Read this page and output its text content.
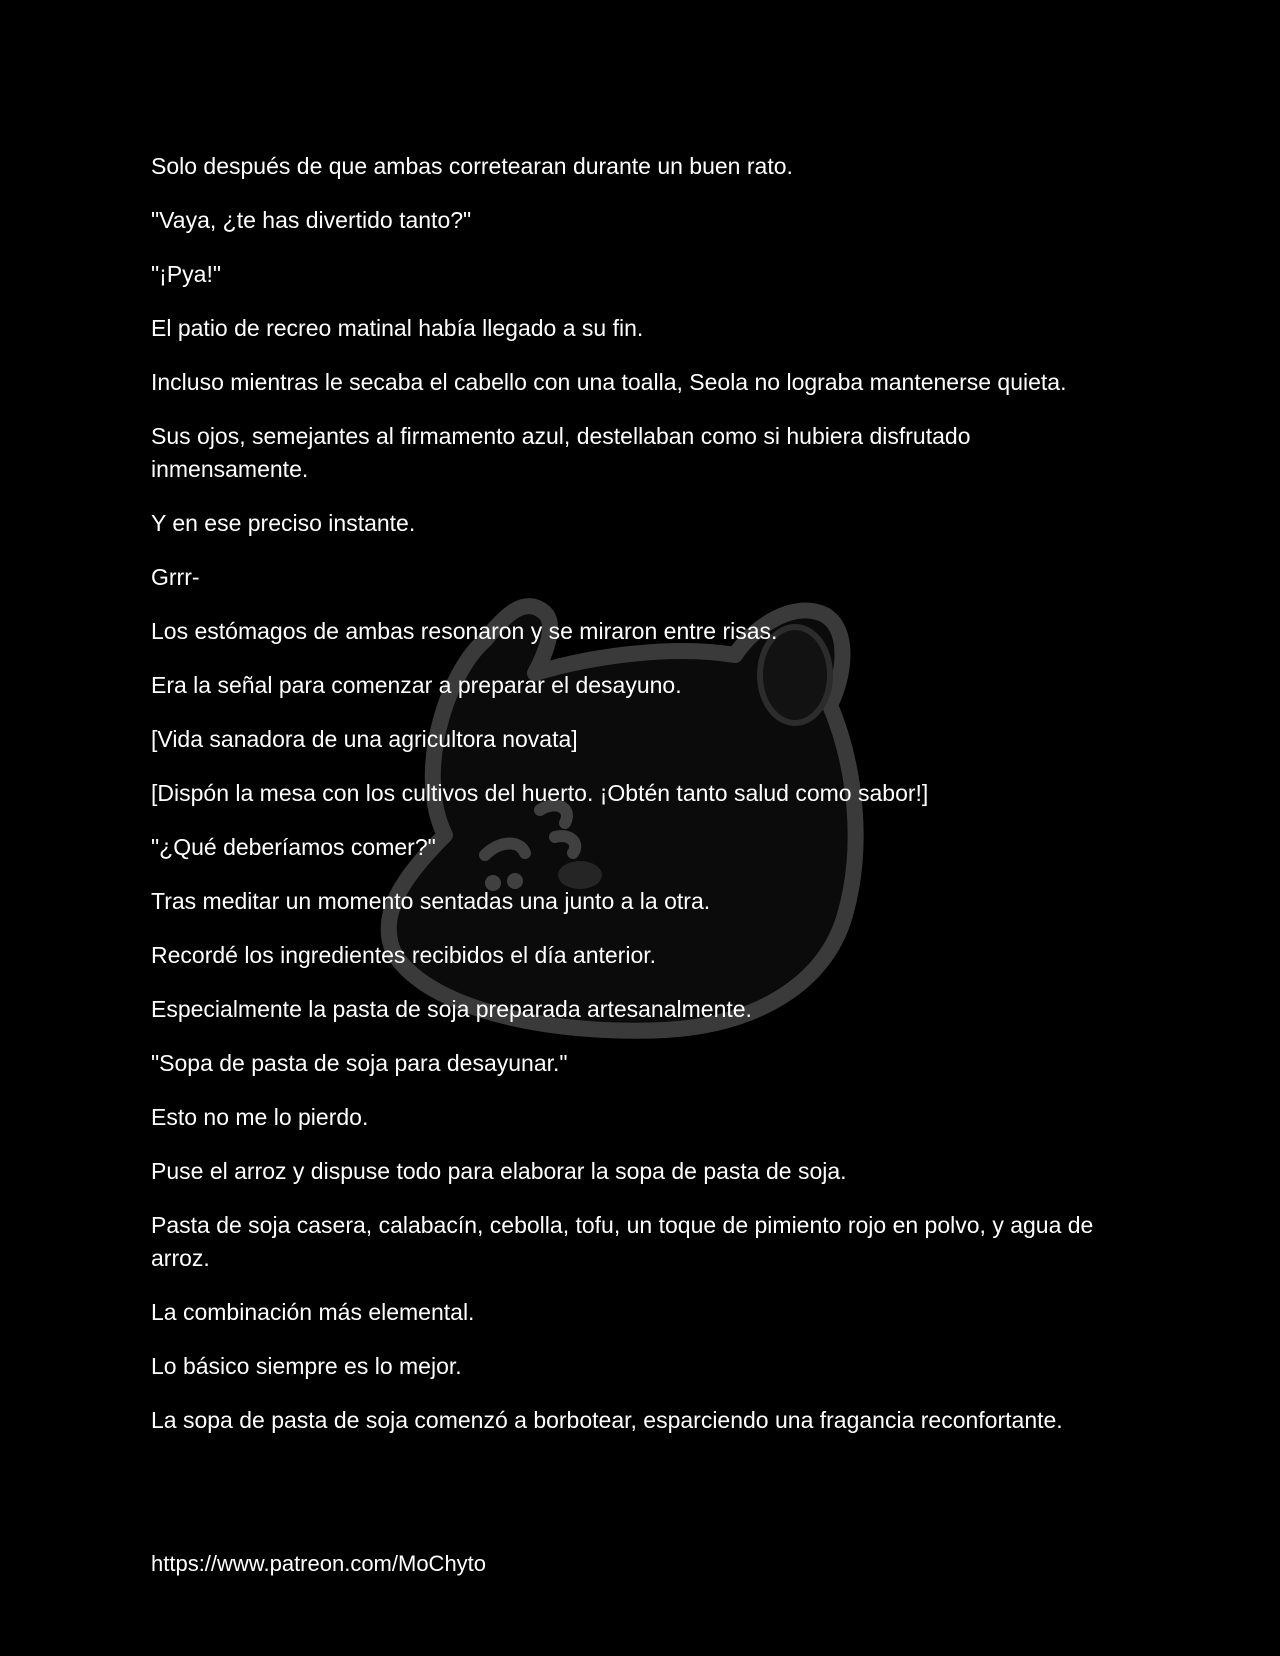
Solo después de que ambas corretearan durante un buen rato.

"Vaya, ¿te has divertido tanto?"

"¡Pya!"

El patio de recreo matinal había llegado a su fin.

Incluso mientras le secaba el cabello con una toalla, Seola no lograba mantenerse quieta.

Sus ojos, semejantes al firmamento azul, destellaban como si hubiera disfrutado inmensamente.

Y en ese preciso instante.

Grrr-

Los estómagos de ambas resonaron y se miraron entre risas.

Era la señal para comenzar a preparar el desayuno.

[Vida sanadora de una agricultora novata]

[Dispón la mesa con los cultivos del huerto. ¡Obtén tanto salud como sabor!]

"¿Qué deberíamos comer?"

Tras meditar un momento sentadas una junto a la otra.

Recordé los ingredientes recibidos el día anterior.

Especialmente la pasta de soja preparada artesanalmente.

"Sopa de pasta de soja para desayunar."

Esto no me lo pierdo.

Puse el arroz y dispuse todo para elaborar la sopa de pasta de soja.

Pasta de soja casera, calabacín, cebolla, tofu, un toque de pimiento rojo en polvo, y agua de arroz.

La combinación más elemental.

Lo básico siempre es lo mejor.

La sopa de pasta de soja comenzó a borbotear, esparciendo una fragancia reconfortante.

https://www.patreon.com/MoChyto
